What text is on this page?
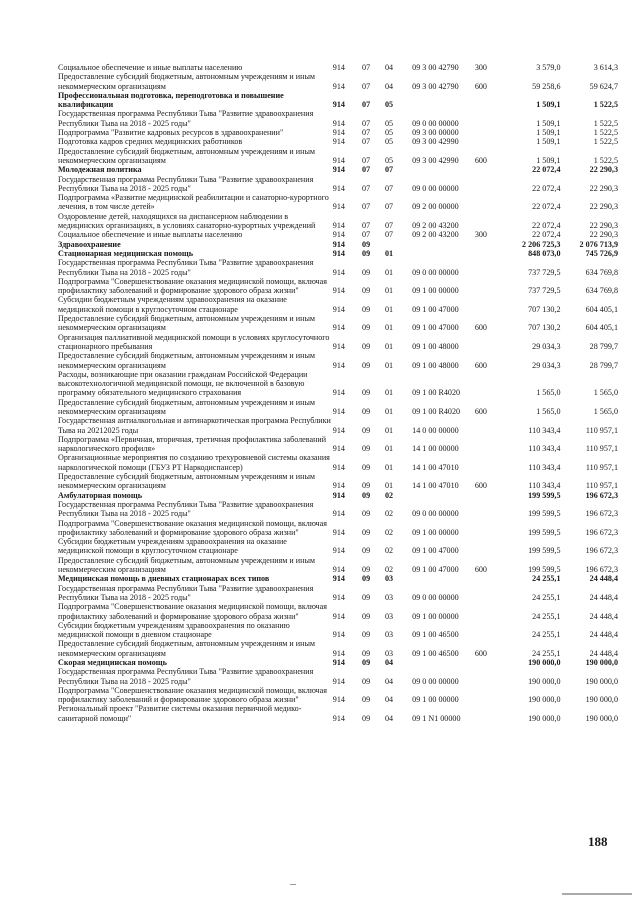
Социальное обеспечение и иные выплаты населению	914	07	04	09 3 00 42790	300	3 579,0	3 614,3
Предоставление субсидий бюджетным, автономным учреждениям и иным некоммерческим организациям	914	07	04	09 3 00 42790	600	59 258,6	59 624,7
Профессиональная подготовка, переподготовка и повышение квалификации	914	07	05			1 509,1	1 522,5
Государственная программа Республики Тыва "Развитие здравоохранения Республики Тыва на 2018 - 2025 годы"	914	07	05	09 0 00 00000		1 509,1	1 522,5
Подпрограмма "Развитие кадровых ресурсов в здравоохранении"	914	07	05	09 3 00 00000		1 509,1	1 522,5
Подготовка кадров средних медицинских работников	914	07	05	09 3 00 42990		1 509,1	1 522,5
Предоставление субсидий бюджетным, автономным учреждениям и иным некоммерческим организациям	914	07	05	09 3 00 42990	600	1 509,1	1 522,5
Молодежная политика	914	07	07			22 072,4	22 290,3
Государственная программа Республики Тыва "Развитие здравоохранения Республики Тыва на 2018 - 2025 годы"	914	07	07	09 0 00 00000		22 072,4	22 290,3
Подпрограмма «Развитие медицинской реабилитации и санаторно-курортного лечения, в том числе детей»	914	07	07	09 2 00 00000		22 072,4	22 290,3
Оздоровление детей, находящихся на диспансерном наблюдении в медицинских организациях, в условиях санаторно-курортных учреждений	914	07	07	09 2 00 43200		22 072,4	22 290,3
Социальное обеспечение и иные выплаты населению	914	07	07	09 2 00 43200	300	22 072,4	22 290,3
Здравоохранение	914	09				2 206 725,3	2 076 713,9
Стационарная медицинская помощь	914	09	01			848 073,0	745 726,9
Государственная программа Республики Тыва "Развитие здравоохранения Республики Тыва на 2018 - 2025 годы"	914	09	01	09 0 00 00000		737 729,5	634 769,8
Подпрограмма "Совершенствование оказания медицинской помощи, включая профилактику заболеваний и формирование здорового образа жизни"	914	09	01	09 1 00 00000		737 729,5	634 769,8
Субсидии бюджетным учреждениям здравоохранения на оказание медицинской помощи в круглосуточном стационаре	914	09	01	09 1 00 47000		707 130,2	604 405,1
Предоставление субсидий бюджетным, автономным учреждениям и иным некоммерческим организациям	914	09	01	09 1 00 47000	600	707 130,2	604 405,1
Организация паллиативной медицинской помощи в условиях круглосуточного стационарного пребывания	914	09	01	09 1 00 48000		29 034,3	28 799,7
Предоставление субсидий бюджетным, автономным учреждениям и иным некоммерческим организациям	914	09	01	09 1 00 48000	600	29 034,3	28 799,7
Расходы, возникающие при оказании гражданам Российской Федерации высокотехнологичной медицинской помощи, не включенной в базовую программу обязательного медицинского страхования	914	09	01	09 1 00 R4020		1 565,0	1 565,0
Предоставление субсидий бюджетным, автономным учреждениям и иным некоммерческим организациям	914	09	01	09 1 00 R4020	600	1 565,0	1 565,0
Государственная антиалкогольная и антинаркотическая программа Республики Тыва на 20212025 годы	914	09	01	14 0 00 00000		110 343,4	110 957,1
Подпрограмма «Первичная, вторичная, третичная профилактика заболеваний наркологического профиля»	914	09	01	14 1 00 00000		110 343,4	110 957,1
Организационные мероприятия по созданию трехуровневой системы оказания наркологической помощи (ГБУЗ РТ Наркодиспансер)	914	09	01	14 1 00 47010		110 343,4	110 957,1
Предоставление субсидий бюджетным, автономным учреждениям и иным некоммерческим организациям	914	09	01	14 1 00 47010	600	110 343,4	110 957,1
Амбулаторная помощь	914	09	02			199 599,5	196 672,3
Государственная программа Республики Тыва "Развитие здравоохранения Республики Тыва на 2018 - 2025 годы"	914	09	02	09 0 00 00000		199 599,5	196 672,3
Подпрограмма "Совершенствование оказания медицинской помощи, включая профилактику заболеваний и формирование здорового образа жизни"	914	09	02	09 1 00 00000		199 599,5	196 672,3
Субсидии бюджетным учреждениям здравоохранения на оказание медицинской помощи в круглосуточном стационаре	914	09	02	09 1 00 47000		199 599,5	196 672,3
Предоставление субсидий бюджетным, автономным учреждениям и иным некоммерческим организациям	914	09	02	09 1 00 47000	600	199 599,5	196 672,3
Медицинская помощь в дневных стационарах всех типов	914	09	03			24 255,1	24 448,4
Государственная программа Республики Тыва "Развитие здравоохранения Республики Тыва на 2018 - 2025 годы"	914	09	03	09 0 00 00000		24 255,1	24 448,4
Подпрограмма "Совершенствование оказания медицинской помощи, включая профилактику заболеваний и формирование здорового образа жизни"	914	09	03	09 1 00 00000		24 255,1	24 448,4
Субсидии бюджетным учреждениям здравоохранения по оказанию медицинской помощи в дневном стационаре	914	09	03	09 1 00 46500		24 255,1	24 448,4
Предоставление субсидий бюджетным, автономным учреждениям и иным некоммерческим организациям	914	09	03	09 1 00 46500	600	24 255,1	24 448,4
Скорая медицинская помощь	914	09	04			190 000,0	190 000,0
Государственная программа Республики Тыва "Развитие здравоохранения Республики Тыва на 2018 - 2025 годы"	914	09	04	09 0 00 00000		190 000,0	190 000,0
Подпрограмма "Совершенствование оказания медицинской помощи, включая профилактику заболеваний и формирование здорового образа жизни"	914	09	04	09 1 00 00000		190 000,0	190 000,0
Региональный проект "Развитие системы оказания первичной медико-санитарной помощи"	914	09	04	09 1 N1 00000		190 000,0	190 000,0
188
